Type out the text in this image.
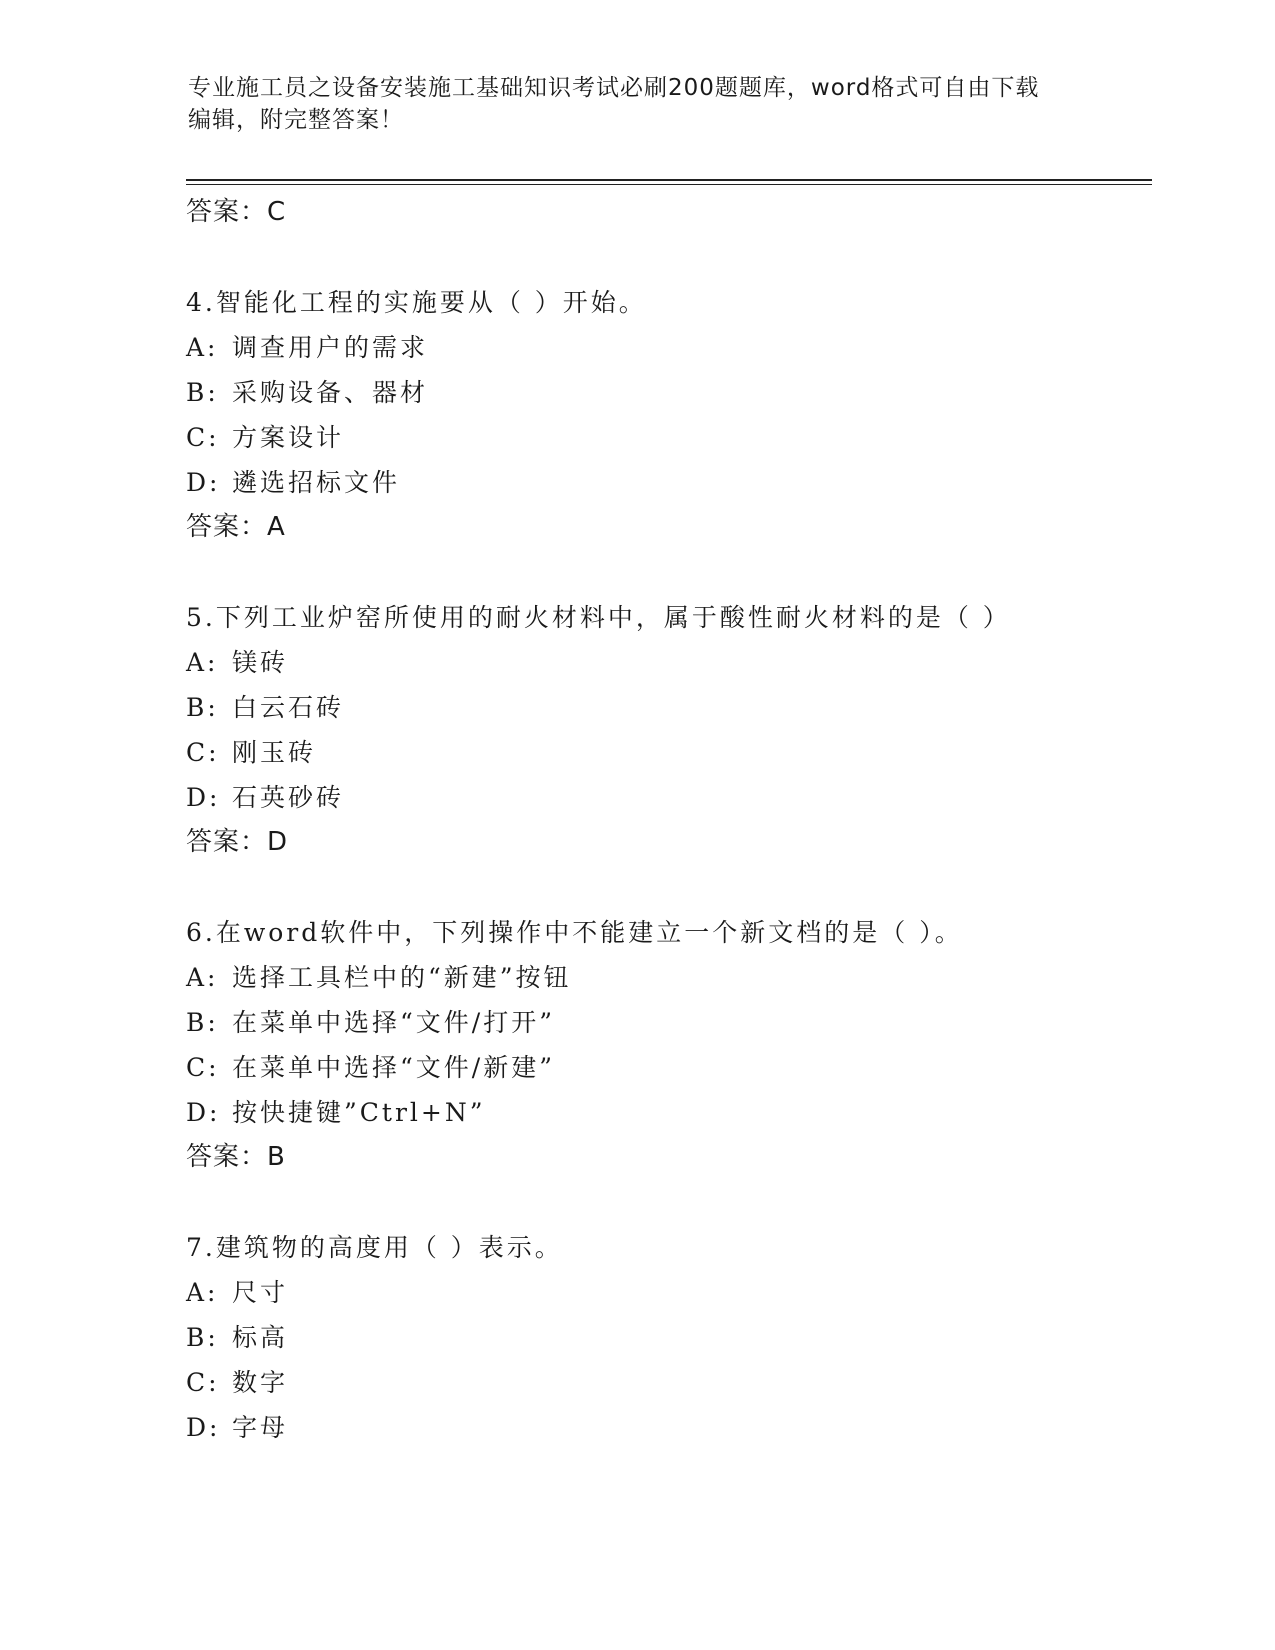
专业施工员之设备安装施工基础知识考试必刷200题题库，word格式可自由下载
编辑，附完整答案！
答案：C
4.智能化工程的实施要从（ ）开始。
A: 调查用户的需求
B: 采购设备、器材
C: 方案设计
D: 遴选招标文件
答案：A
5.下列工业炉窑所使用的耐火材料中，属于酸性耐火材料的是（ ）
A: 镁砖
B: 白云石砖
C: 刚玉砖
D: 石英砂砖
答案：D
6.在word软件中，下列操作中不能建立一个新文档的是（ ）。
A: 选择工具栏中的“新建”按钮
B: 在菜单中选择“文件/打开”
C: 在菜单中选择“文件/新建”
D: 按快捷键”Ctrl+N”
答案：B
7.建筑物的高度用（ ）表示。
A: 尺寸
B: 标高
C: 数字
D: 字母
